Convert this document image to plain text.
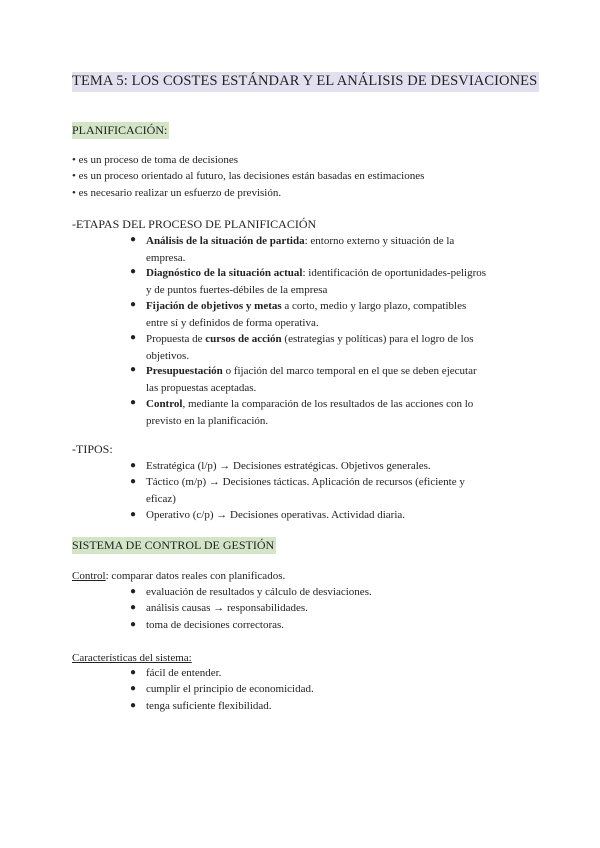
TEMA 5: LOS COSTES ESTÁNDAR Y EL ANÁLISIS DE DESVIACIONES
PLANIFICACIÓN:
• es un proceso de toma de decisiones
• es un proceso orientado al futuro, las decisiones están basadas en estimaciones
• es necesario realizar un esfuerzo de previsión.
-ETAPAS DEL PROCESO DE PLANIFICACIÓN
● Análisis de la situación de partida: entorno externo y situación de la
empresa.
● Diagnóstico de la situación actual: identificación de oportunidades-peligros
y de puntos fuertes-débiles de la empresa
● Fijación de objetivos y metas a corto, medio y largo plazo, compatibles
entre sí y definidos de forma operativa.
● Propuesta de cursos de acción (estrategias y políticas) para el logro de los
objetivos.
● Presupuestación o fijación del marco temporal en el que se deben ejecutar
las propuestas aceptadas.
● Control, mediante la comparación de los resultados de las acciones con lo
previsto en la planificación.
-TIPOS:
● Estratégica (l/p) → Decisiones estratégicas. Objetivos generales.
● Táctico (m/p) → Decisiones tácticas. Aplicación de recursos (eficiente y
eficaz)
● Operativo (c/p) → Decisiones operativas. Actividad diaria.
SISTEMA DE CONTROL DE GESTIÓN
Control: comparar datos reales con planificados.
● evaluación de resultados y cálculo de desviaciones.
● análisis causas → responsabilidades.
● toma de decisiones correctoras.
Características del sistema:
● fácil de entender.
● cumplir el principio de economicidad.
● tenga suficiente flexibilidad.
